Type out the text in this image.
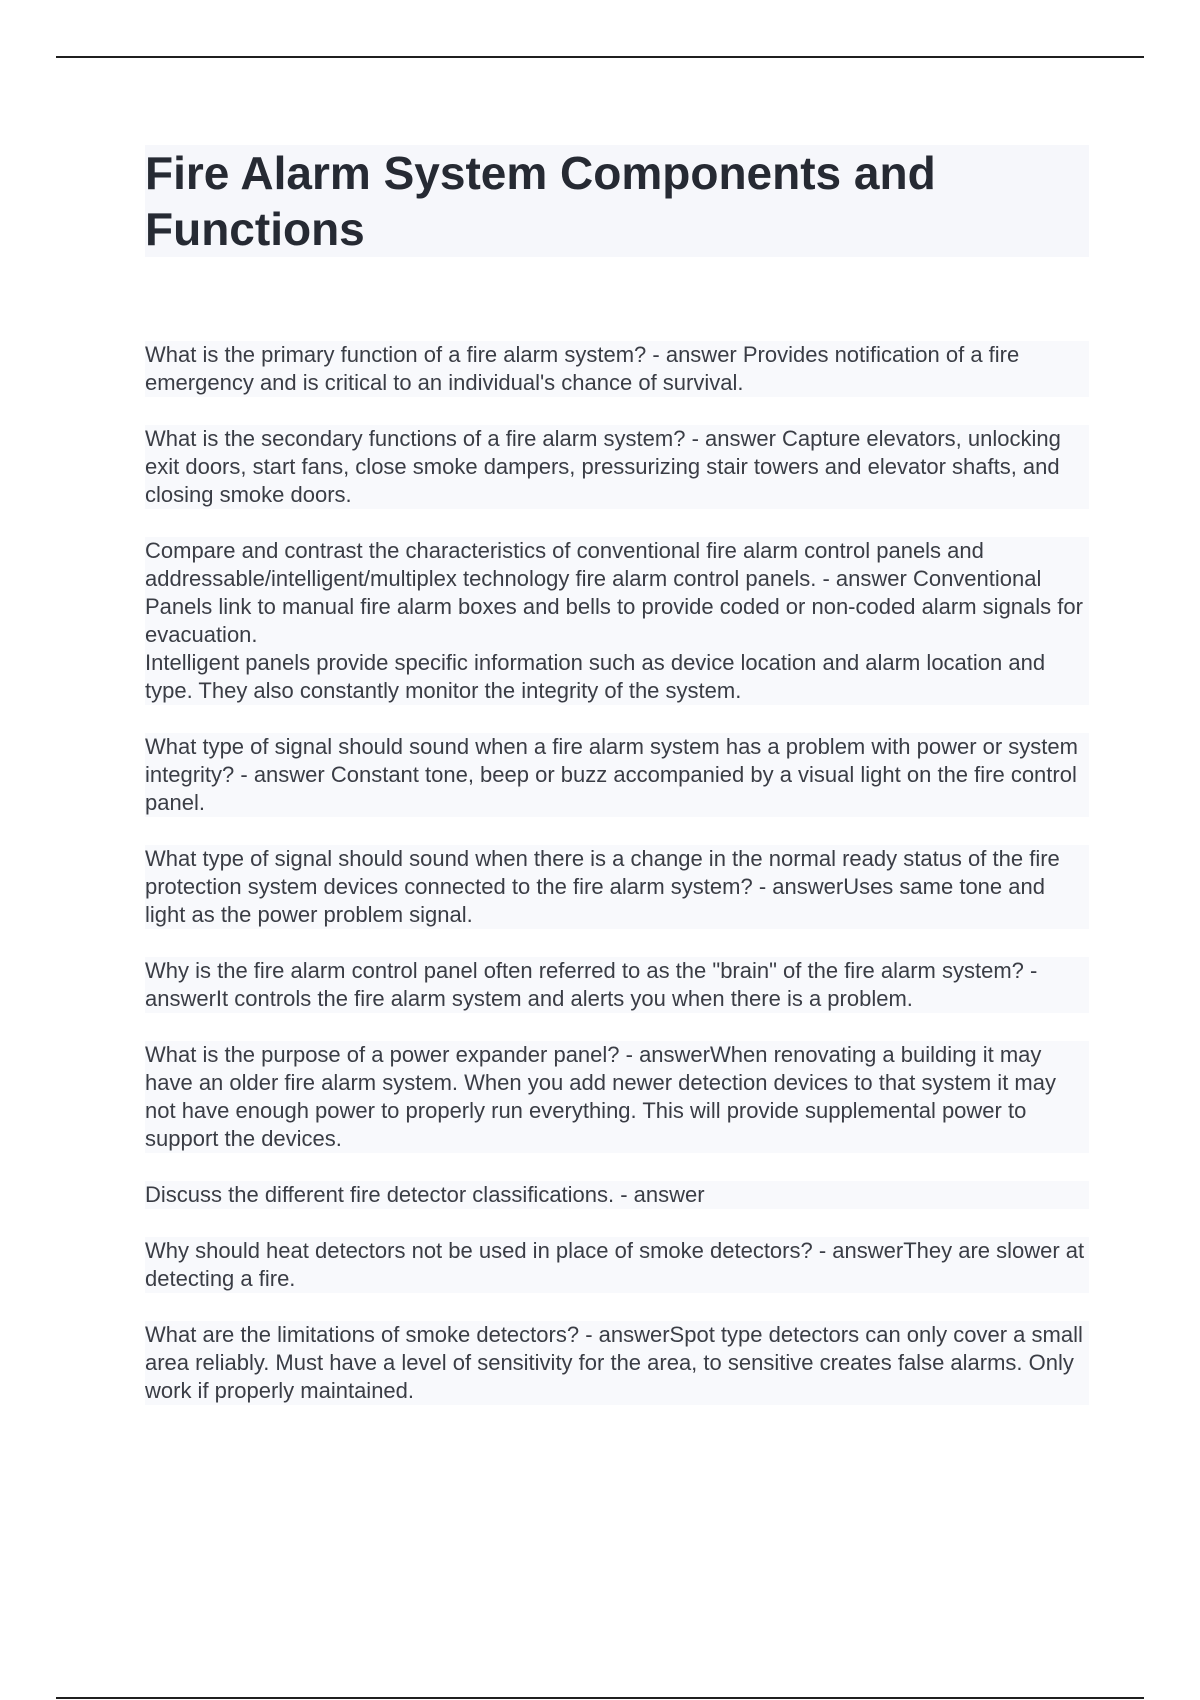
Fire Alarm System Components and Functions

What is the primary function of a fire alarm system? - answer Provides notification of a fire emergency and is critical to an individual's chance of survival.

What is the secondary functions of a fire alarm system? - answer Capture elevators, unlocking exit doors, start fans, close smoke dampers, pressurizing stair towers and elevator shafts, and closing smoke doors.

Compare and contrast the characteristics of conventional fire alarm control panels and addressable/intelligent/multiplex technology fire alarm control panels. - answer Conventional Panels link to manual fire alarm boxes and bells to provide coded or non-coded alarm signals for evacuation.
Intelligent panels provide specific information such as device location and alarm location and type. They also constantly monitor the integrity of the system.

What type of signal should sound when a fire alarm system has a problem with power or system integrity? - answer Constant tone, beep or buzz accompanied by a visual light on the fire control panel.

What type of signal should sound when there is a change in the normal ready status of the fire protection system devices connected to the fire alarm system? - answerUses same tone and light as the power problem signal.

Why is the fire alarm control panel often referred to as the "brain" of the fire alarm system? - answerIt controls the fire alarm system and alerts you when there is a problem.

What is the purpose of a power expander panel? - answerWhen renovating a building it may have an older fire alarm system. When you add newer detection devices to that system it may not have enough power to properly run everything. This will provide supplemental power to support the devices.

Discuss the different fire detector classifications. - answer

Why should heat detectors not be used in place of smoke detectors? - answerThey are slower at detecting a fire.

What are the limitations of smoke detectors? - answerSpot type detectors can only cover a small area reliably. Must have a level of sensitivity for the area, to sensitive creates false alarms. Only work if properly maintained.
